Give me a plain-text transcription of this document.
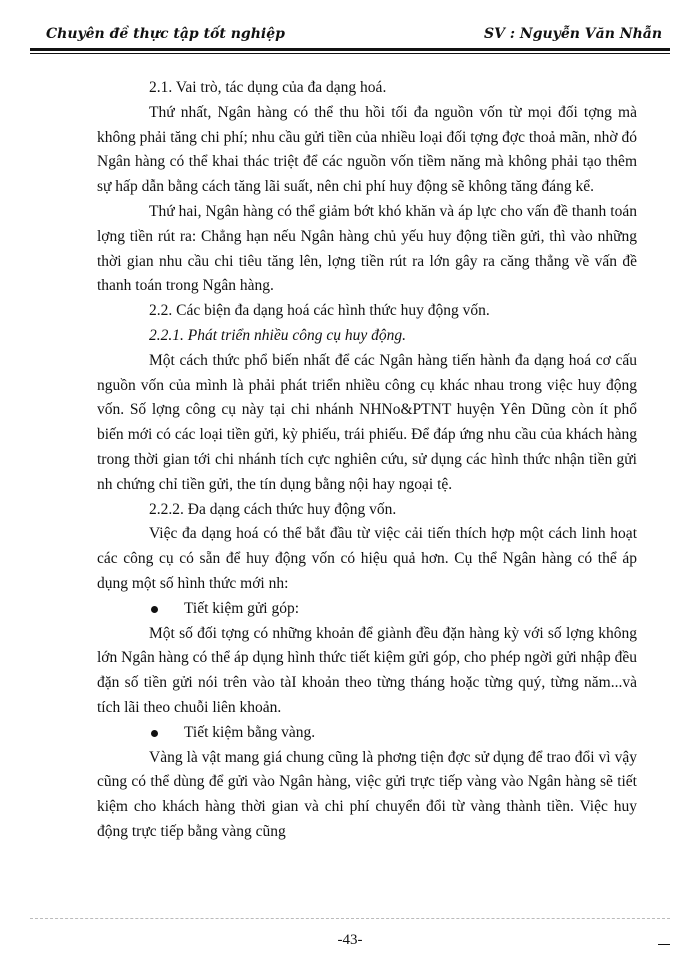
Chuyên đề thực tập tốt nghiệp	SV : Nguyễn Văn Nhẫn

2.1. Vai trò, tác dụng của đa dạng hoá.

Thứ nhất, Ngân hàng có thể thu hồi tối đa nguồn vốn từ mọi đối tợng mà không phải tăng chi phí; nhu cầu gửi tiền của nhiều loại đối tợng đợc thoả mãn, nhờ đó Ngân hàng có thể khai thác triệt để các nguồn vốn tiềm năng mà không phải tạo thêm sự hấp dẫn bằng cách tăng lãi suất, nên chi phí huy động sẽ không tăng đáng kể.

Thứ hai, Ngân hàng có thể giảm bớt khó khăn và áp lực cho vấn đề thanh toán lợng tiền rút ra: Chẳng hạn nếu Ngân hàng chủ yếu huy động tiền gửi, thì vào những thời gian nhu cầu chi tiêu tăng lên, lợng tiền rút ra lớn gây ra căng thẳng về vấn đề thanh toán trong Ngân hàng.

2.2. Các biện đa dạng hoá các hình thức huy động vốn.

2.2.1. Phát triển nhiều công cụ huy động.

Một cách thức phổ biến nhất để các Ngân hàng tiến hành đa dạng hoá cơ cấu nguồn vốn của mình là phải phát triển nhiều công cụ khác nhau trong việc huy động vốn. Số lợng công cụ này tại chi nhánh NHNo&PTNT huyện Yên Dũng còn ít phổ biến mới có các loại tiền gửi, kỳ phiếu, trái phiếu. Để đáp ứng nhu cầu của khách hàng trong thời gian tới chi nhánh tích cực nghiên cứu, sử dụng các hình thức nhận tiền gửi nh chứng chỉ tiền gửi, the tín dụng bằng nội hay ngoại tệ.

2.2.2. Đa dạng cách thức huy động vốn.

Việc đa dạng hoá có thể bắt đầu từ việc cải tiến thích hợp một cách linh hoạt các công cụ có sẵn để huy động vốn có hiệu quả hơn. Cụ thể Ngân hàng có thể áp dụng một số hình thức mới nh:

Tiết kiệm gửi góp:

Một số đối tợng có những khoản để giành đều đặn hàng kỳ với số lợng không lớn Ngân hàng có thể áp dụng hình thức tiết kiệm gửi góp, cho phép ngời gửi nhập đều đặn số tiền gửi nói trên vào tàI khoản theo từng tháng hoặc từng quý, từng năm...và tích lãi theo chuỗi liên khoản.

Tiết kiệm bằng vàng.

Vàng là vật mang giá chung cũng là phơng tiện đợc sử dụng để trao đổi vì vậy cũng có thể dùng để gửi vào Ngân hàng, việc gửi trực tiếp vàng vào Ngân hàng sẽ tiết kiệm cho khách hàng thời gian và chi phí chuyển đổi từ vàng thành tiền. Việc huy động trực tiếp bằng vàng cũng

-43-
